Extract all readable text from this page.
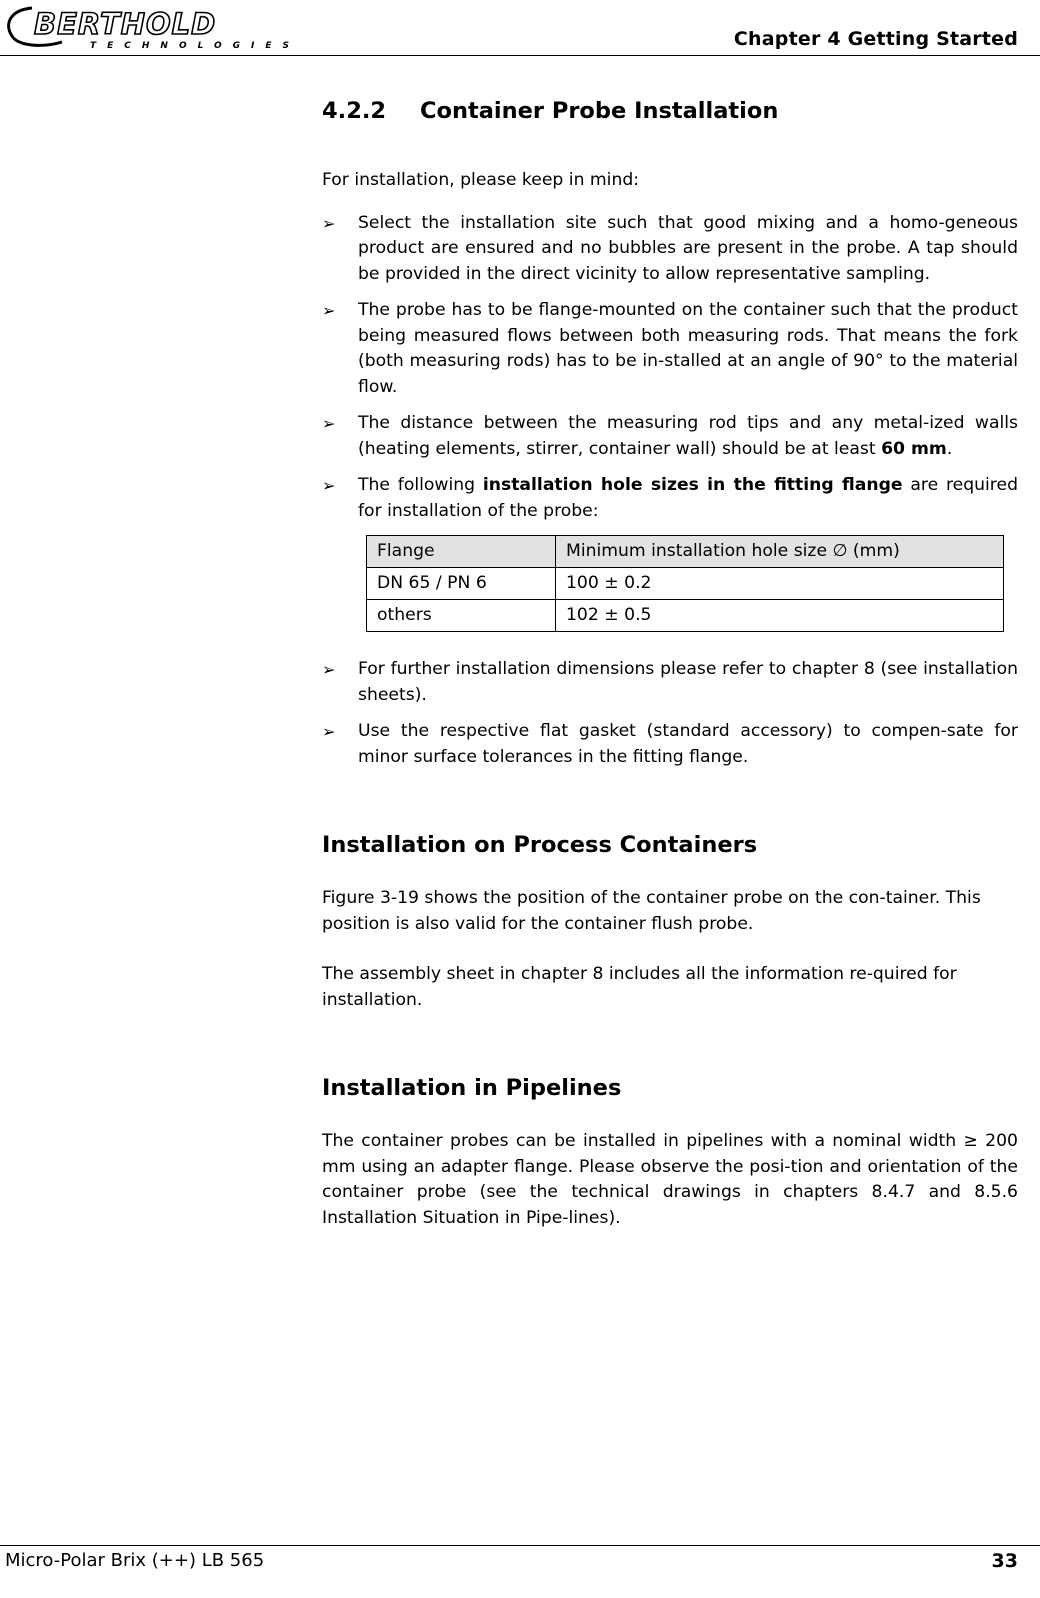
BERTHOLD
TECHNOLOGIES	Chapter 4 Getting Started
4.2.2 Container Probe Installation

For installation, please keep in mind:

➢ Select the installation site such that good mixing and a homo-geneous product are ensured and no bubbles are present in the probe. A tap should be provided in the direct vicinity to allow representative sampling.
➢ The probe has to be flange-mounted on the container such that the product being measured flows between both measuring rods. That means the fork (both measuring rods) has to be in-stalled at an angle of 90° to the material flow.
➢ The distance between the measuring rod tips and any metal-ized walls (heating elements, stirrer, container wall) should be at least 60 mm.
➢ The following installation hole sizes in the fitting flange are required for installation of the probe:
Flange	Minimum installation hole size ∅ (mm)
DN 65 / PN 6	100 ± 0.2
others	102 ± 0.5
➢ For further installation dimensions please refer to chapter 8 (see installation sheets).
➢ Use the respective flat gasket (standard accessory) to compen-sate for minor surface tolerances in the fitting flange.
Installation on Process Containers

Figure 3-19 shows the position of the container probe on the con-tainer. This position is also valid for the container flush probe.

The assembly sheet in chapter 8 includes all the information re-quired for installation.

Installation in Pipelines

The container probes can be installed in pipelines with a nominal width ≥ 200 mm using an adapter flange. Please observe the posi-tion and orientation of the container probe (see the technical drawings in chapters 8.4.7 and 8.5.6 Installation Situation in Pipe-lines).

Micro-Polar Brix (++) LB 565	33
